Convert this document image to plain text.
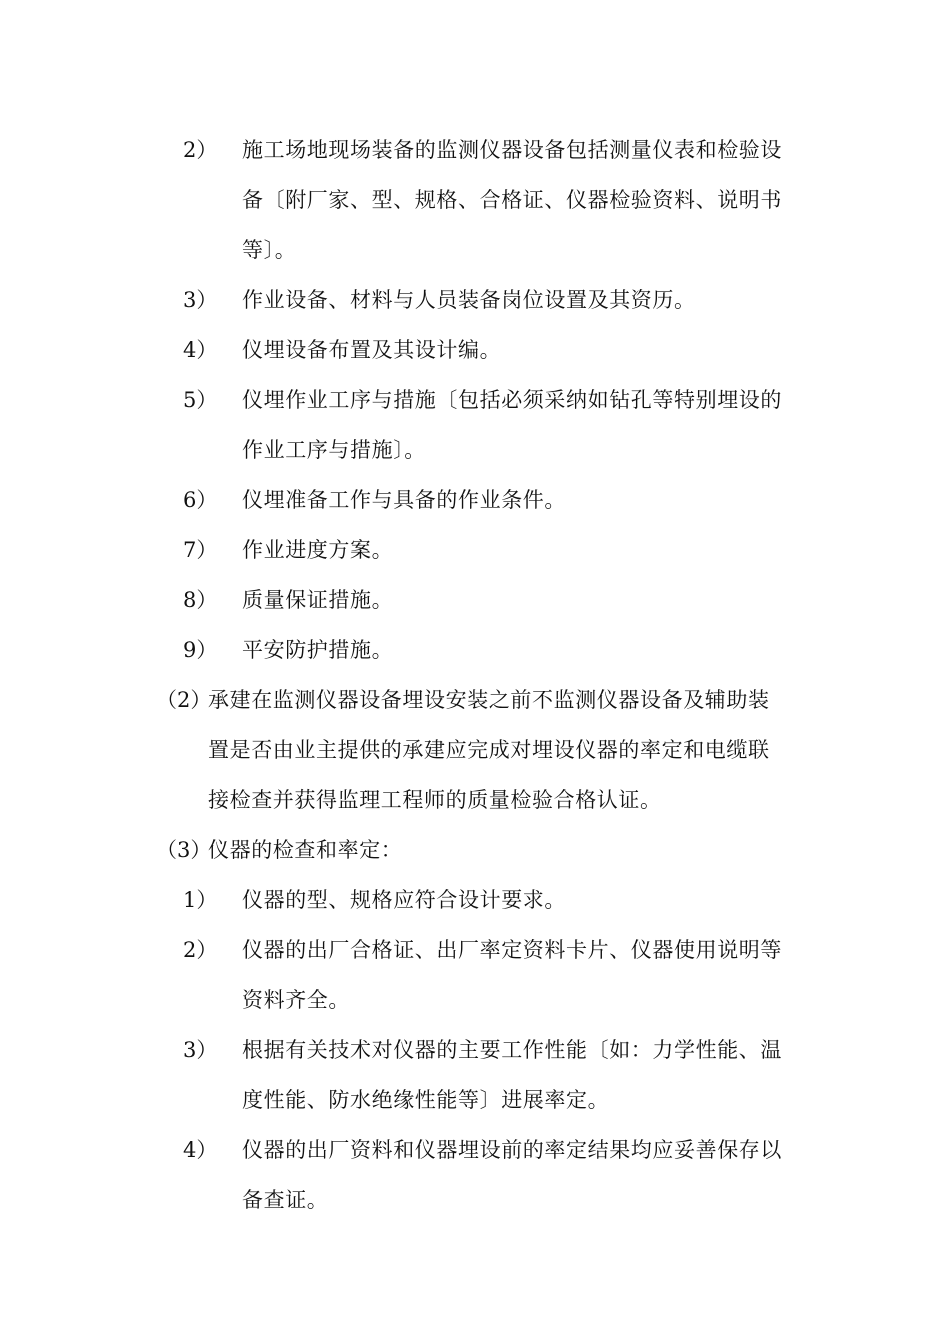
2） 施工场地现场装备的监测仪器设备包括测量仪表和检验设
备〔附厂家、型、规格、合格证、仪器检验资料、说明书
等〕。
3） 作业设备、材料与人员装备岗位设置及其资历。
4） 仪埋设备布置及其设计编。
5） 仪埋作业工序与措施〔包括必须采纳如钻孔等特别埋设的
作业工序与措施〕。
6） 仪埋准备工作与具备的作业条件。
7） 作业进度方案。
8） 质量保证措施。
9） 平安防护措施。
（2）
承建在监测仪器设备埋设安装之前不监测仪器设备及辅助装
置是否由业主提供的承建应完成对埋设仪器的率定和电缆联
接检查并获得监理工程师的质量检验合格认证。
（3）
仪器的检查和率定：
1） 仪器的型、规格应符合设计要求。
2） 仪器的出厂合格证、出厂率定资料卡片、仪器使用说明等
资料齐全。
3） 根据有关技术对仪器的主要工作性能〔如：力学性能、温
度性能、防水绝缘性能等〕进展率定。
4） 仪器的出厂资料和仪器埋设前的率定结果均应妥善保存以
备查证。
